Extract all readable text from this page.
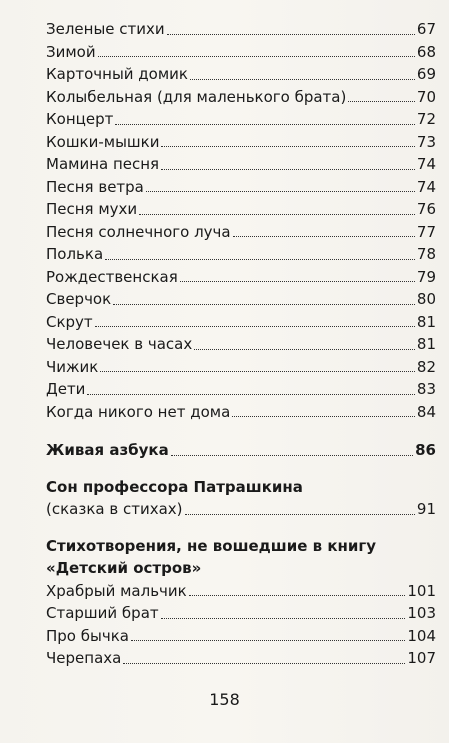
Зеленые стихи	67
Зимой	68
Карточный домик	69
Колыбельная (для маленького брата)	70
Концерт	72
Кошки-мышки	73
Мамина песня	74
Песня ветра	74
Песня мухи	76
Песня солнечного луча	77
Полька	78
Рождественская	79
Сверчок	80
Скрут	81
Человечек в часах	81
Чижик	82
Дети	83
Когда никого нет дома	84
Живая азбука	86
Сон профессора Патрашкина
(сказка в стихах)	91
Стихотворения, не вошедшие в книгу
«Детский остров»
Храбрый мальчик	101
Старший брат	103
Про бычка	104
Черепаха	107
158
